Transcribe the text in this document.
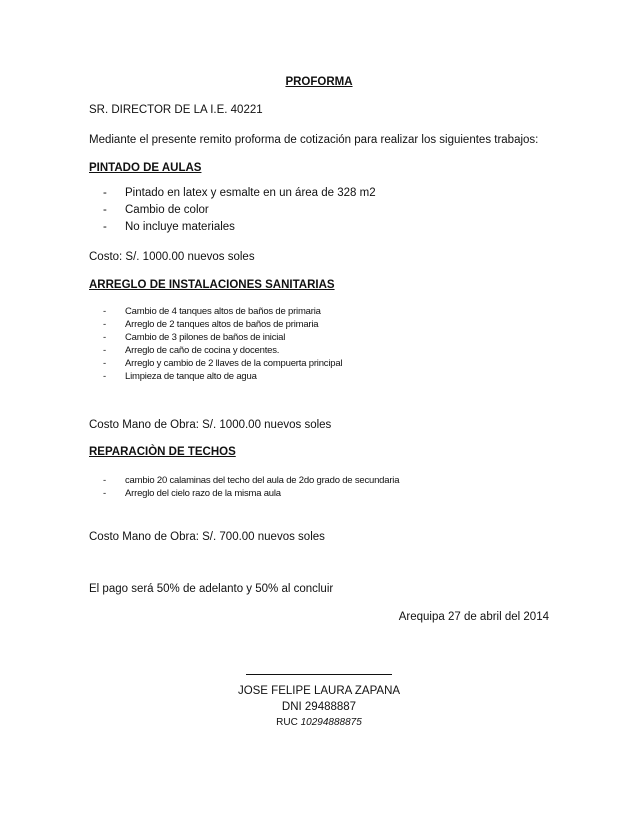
PROFORMA
SR. DIRECTOR DE LA I.E. 40221
Mediante el presente remito proforma de cotización para realizar los siguientes trabajos:
PINTADO DE AULAS
- Pintado en latex y esmalte en un área de 328 m2
- Cambio de color
- No incluye materiales
Costo: S/. 1000.00 nuevos soles
ARREGLO DE INSTALACIONES SANITARIAS
- Cambio de 4 tanques altos de baños de primaria
- Arreglo de 2 tanques altos de baños de primaria
- Cambio de 3 pilones de baños de inicial
- Arreglo de caño de cocina y docentes.
- Arreglo y cambio de 2 llaves de la compuerta principal
- Limpieza de tanque alto de agua
Costo Mano de Obra: S/. 1000.00 nuevos soles
REPARACIÒN DE TECHOS
- cambio 20 calaminas del techo del aula de 2do grado de secundaria
- Arreglo del cielo razo de la misma aula
Costo Mano de Obra: S/. 700.00 nuevos soles
El pago será 50% de adelanto y 50% al concluir
Arequipa 27 de abril del 2014
JOSE FELIPE LAURA ZAPANA
DNI 29488887
RUC 10294888875
